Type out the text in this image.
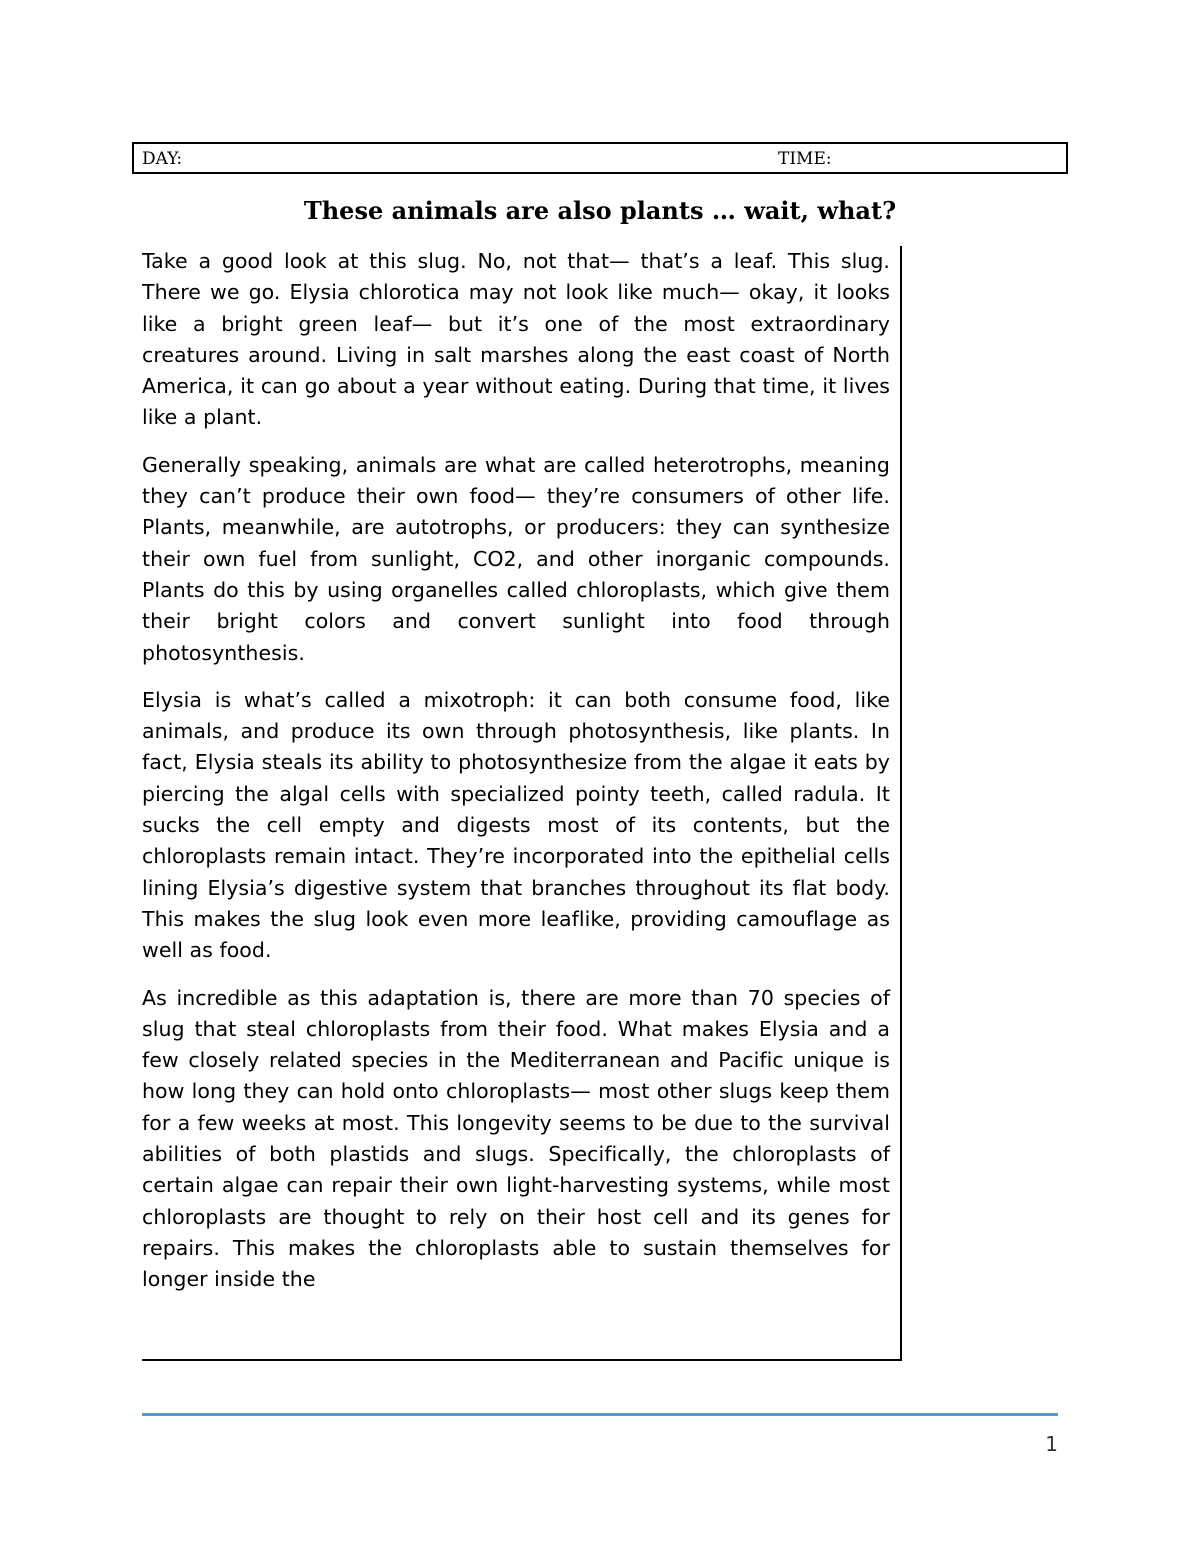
DAY:	TIME:
These animals are also plants … wait, what?

Take a good look at this slug. No, not that— that’s a leaf. This slug. There we go. Elysia chlorotica may not look like much— okay, it looks like a bright green leaf— but it’s one of the most extraordinary creatures around. Living in salt marshes along the east coast of North America, it can go about a year without eating. During that time, it lives like a plant.

Generally speaking, animals are what are called heterotrophs, meaning they can’t produce their own food— they’re consumers of other life. Plants, meanwhile, are autotrophs, or producers: they can synthesize their own fuel from sunlight, CO2, and other inorganic compounds. Plants do this by using organelles called chloroplasts, which give them their bright colors and convert sunlight into food through photosynthesis.

Elysia is what’s called a mixotroph: it can both consume food, like animals, and produce its own through photosynthesis, like plants. In fact, Elysia steals its ability to photosynthesize from the algae it eats by piercing the algal cells with specialized pointy teeth, called radula. It sucks the cell empty and digests most of its contents, but the chloroplasts remain intact. They’re incorporated into the epithelial cells lining Elysia’s digestive system that branches throughout its flat body. This makes the slug look even more leaflike, providing camouflage as well as food.

As incredible as this adaptation is, there are more than 70 species of slug that steal chloroplasts from their food. What makes Elysia and a few closely related species in the Mediterranean and Pacific unique is how long they can hold onto chloroplasts— most other slugs keep them for a few weeks at most. This longevity seems to be due to the survival abilities of both plastids and slugs. Specifically, the chloroplasts of certain algae can repair their own light-harvesting systems, while most chloroplasts are thought to rely on their host cell and its genes for repairs. This makes the chloroplasts able to sustain themselves for longer inside the

1
